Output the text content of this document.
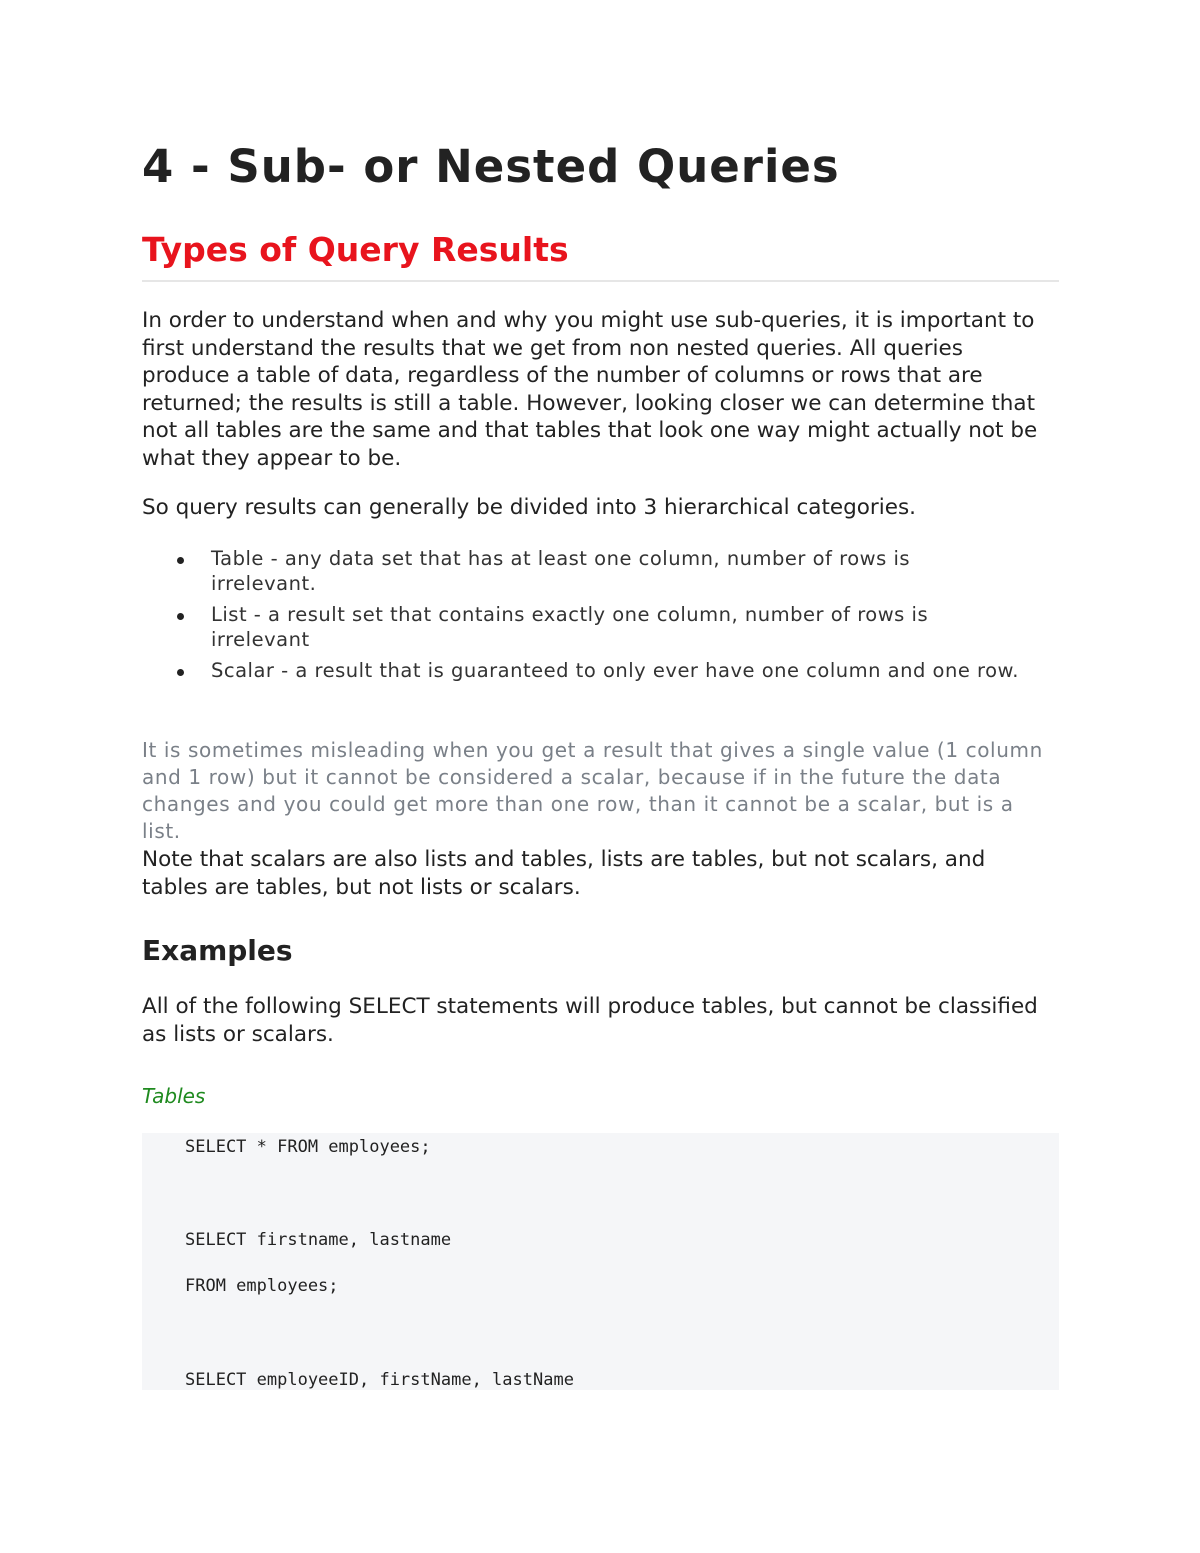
4 - Sub- or Nested Queries
Types of Query Results

In order to understand when and why you might use sub-queries, it is important to first understand the results that we get from non nested queries. All queries produce a table of data, regardless of the number of columns or rows that are returned; the results is still a table. However, looking closer we can determine that not all tables are the same and that tables that look one way might actually not be what they appear to be.

So query results can generally be divided into 3 hierarchical categories.

Table - any data set that has at least one column, number of rows is irrelevant.
List - a result set that contains exactly one column, number of rows is irrelevant
Scalar - a result that is guaranteed to only ever have one column and one row.

It is sometimes misleading when you get a result that gives a single value (1 column and 1 row) but it cannot be considered a scalar, because if in the future the data changes and you could get more than one row, than it cannot be a scalar, but is a list.

Note that scalars are also lists and tables, lists are tables, but not scalars, and tables are tables, but not lists or scalars.

Examples

All of the following SELECT statements will produce tables, but cannot be classified as lists or scalars.

Tables

SELECT * FROM employees;

SELECT firstname, lastname

FROM employees;

SELECT employeeID, firstName, lastName
